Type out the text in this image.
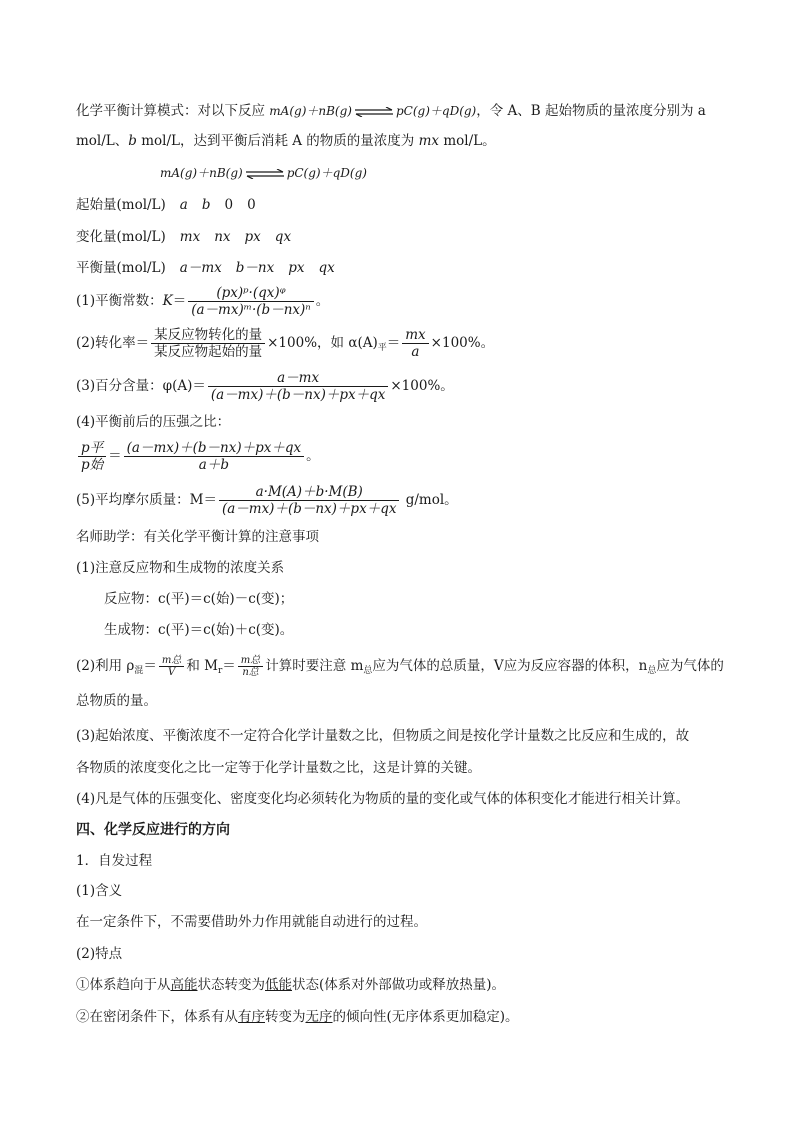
化学平衡计算模式：对以下反应 mA(g)＋nB(g) ⇌ pC(g)＋qD(g)，令 A、B 起始物质的量浓度分别为 a
mol/L、b mol/L，达到平衡后消耗 A 的物质的量浓度为 mx mol/L。
mA(g)＋nB(g) ⇌ pC(g)＋qD(g)
起始量(mol/L) a b 0 0
变化量(mol/L) mx nx px qx
平衡量(mol/L) a－mx b－nx px qx
(1)平衡常数：$K= \frac{\text{(px)ᵖ·(qx)ᵠ}}{\text{(a－mx)ᵐ·(b－nx)ⁿ}}$ 。
(2)转化率＝ $\frac{\text{某反应物转化的量}}{\text{某反应物起始的量}} \times 100\%$，如 $\alpha(A)_平= \frac{mx}{a} \times 100\%$。
(3)百分含量：$\varphi(A)= \frac{a-mx}{(a-mx)+(b-nx)+px+qx} \times 100\%$。
(4)平衡前后的压强之比：
$\frac{\text{p平}}{\text{p始}} = \frac{(a-mx)+(b-nx)+px+qx}{a+b}$ 。
(5)平均摩尔质量：$M= \frac{a\cdot M(A)+b\cdot M(B)}{(a-mx)+(b-nx)+px+qx} g/mol$。
名师助学：有关化学平衡计算的注意事项
(1)注意反应物和生成物的浓度关系
反应物：c(平)＝c(始)－c(变)；
生成物：c(平)＝c(始)＋c(变)。
(2)利用 $\rho_混= \frac{\text{m总}}{V}$ 和 $M_r= \frac{\text{m总}}{\text{n总}}$ 计算时要注意 $m_总$应为气体的总质量，V应为反应容器的体积，$n_总$应为气体的
总物质的量。
(3)起始浓度、平衡浓度不一定符合化学计量数之比，但物质之间是按化学计量数之比反应和生成的，故
各物质的浓度变化之比一定等于化学计量数之比，这是计算的关键。
(4)凡是气体的压强变化、密度变化均必须转化为物质的量的变化或气体的体积变化才能进行相关计算。
四、化学反应进行的方向
1．自发过程
(1)含义
在一定条件下，不需要借助外力作用就能自动进行的过程。
(2)特点
①体系趋向于从高能状态转变为低能状态(体系对外部做功或释放热量)。
②在密闭条件下，体系有从有序转变为无序的倾向性(无序体系更加稳定)。
